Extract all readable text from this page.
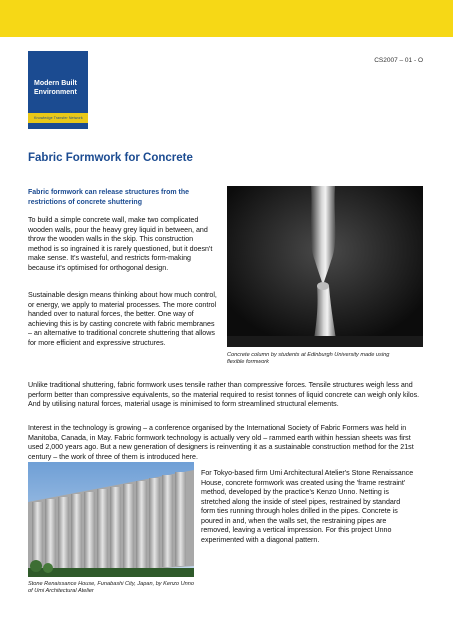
Modern Built
Environment
Knowledge Transfer Network
CS2007 – 01 - O
Fabric Formwork for Concrete
Fabric formwork can release structures from the restrictions of concrete shuttering
To build a simple concrete wall, make two complicated wooden walls, pour the heavy grey liquid in between, and throw the wooden walls in the skip. This construction method is so ingrained it is rarely questioned, but it doesn't make sense. It's wasteful, and restricts form-making because it's optimised for orthogonal design.
Sustainable design means thinking about how much control, or energy, we apply to material processes. The more control handed over to natural forces, the better. One way of achieving this is by casting concrete with fabric membranes – an alternative to traditional concrete shuttering that allows for more efficient and expressive structures.
Concrete column by students at Edinburgh University made using flexible formwork
Unlike traditional shuttering, fabric formwork uses tensile rather than compressive forces. Tensile structures weigh less and perform better than compressive equivalents, so the material required to resist tonnes of liquid concrete can weigh only kilos. And by utilising natural forces, material usage is minimised to form streamlined structural elements.
Interest in the technology is growing – a conference organised by the International Society of Fabric Formers was held in Manitoba, Canada, in May. Fabric formwork technology is actually very old – rammed earth within hessian sheets was first used 2,000 years ago. But a new generation of designers is reinventing it as a sustainable construction method for the 21st century – the work of three of them is introduced here.
Stone Renaissance House, Funabashi City, Japan, by Kenzo Unno of Umi Architectural Atelier
For Tokyo-based firm Umi Architectural Atelier's Stone Renaissance House, concrete formwork was created using the 'frame restraint' method, developed by the practice's Kenzo Unno. Netting is stretched along the inside of steel pipes, restrained by standard form ties running through holes drilled in the pipes. Concrete is poured in and, when the walls set, the restraining pipes are removed, leaving a vertical impression. For this project Unno experimented with a diagonal pattern.
